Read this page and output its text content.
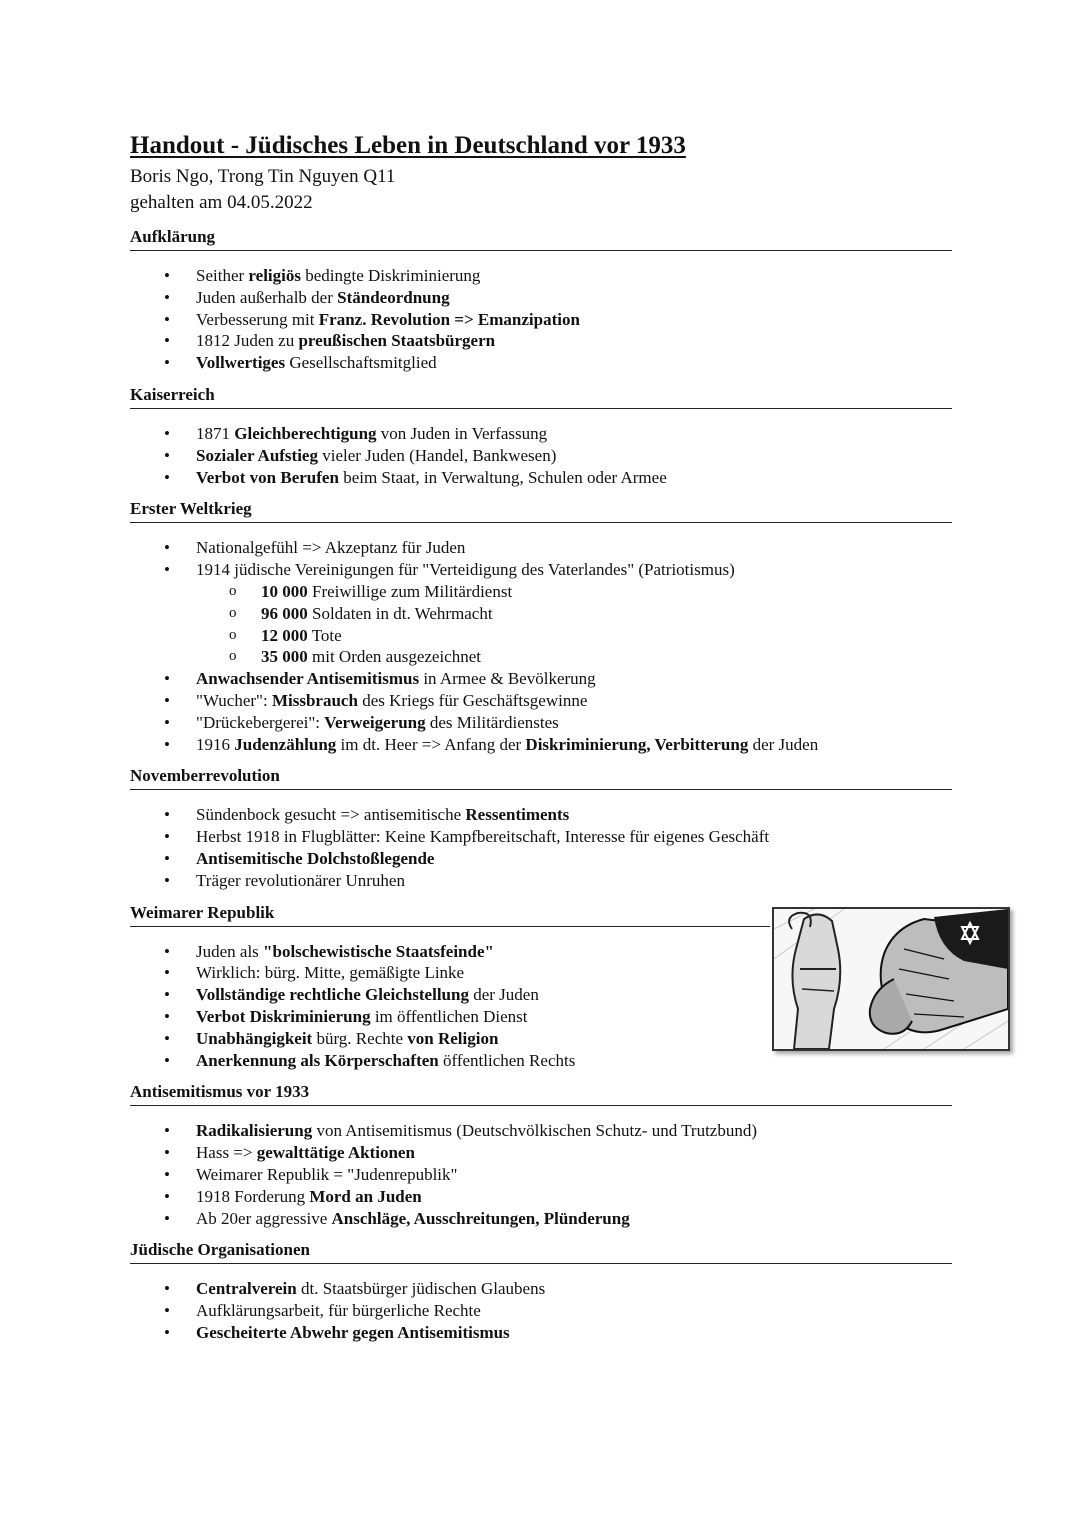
Handout - Jüdisches Leben in Deutschland vor 1933
Boris Ngo, Trong Tin Nguyen Q11
gehalten am 04.05.2022
Aufklärung
• Seither religiös bedingte Diskriminierung
• Juden außerhalb der Ständeordnung
• Verbesserung mit Franz. Revolution => Emanzipation
• 1812 Juden zu preußischen Staatsbürgern
• Vollwertiges Gesellschaftsmitglied
Kaiserreich
• 1871 Gleichberechtigung von Juden in Verfassung
• Sozialer Aufstieg vieler Juden (Handel, Bankwesen)
• Verbot von Berufen beim Staat, in Verwaltung, Schulen oder Armee
Erster Weltkrieg
• Nationalgefühl => Akzeptanz für Juden
• 1914 jüdische Vereinigungen für "Verteidigung des Vaterlandes" (Patriotismus)
o 10 000 Freiwillige zum Militärdienst
o 96 000 Soldaten in dt. Wehrmacht
o 12 000 Tote
o 35 000 mit Orden ausgezeichnet
• Anwachsender Antisemitismus in Armee & Bevölkerung
• "Wucher": Missbrauch des Kriegs für Geschäftsgewinne
• "Drückebergerei": Verweigerung des Militärdienstes
• 1916 Judenzählung im dt. Heer => Anfang der Diskriminierung, Verbitterung der Juden
Novemberrevolution
• Sündenbock gesucht => antisemitische Ressentiments
• Herbst 1918 in Flugblätter: Keine Kampfbereitschaft, Interesse für eigenes Geschäft
• Antisemitische Dolchstoßlegende
• Träger revolutionärer Unruhen
Weimarer Republik
• Juden als "bolschewistische Staatsfeinde"
• Wirklich: bürg. Mitte, gemäßigte Linke
• Vollständige rechtliche Gleichstellung der Juden
• Verbot Diskriminierung im öffentlichen Dienst
• Unabhängigkeit bürg. Rechte von Religion
• Anerkennung als Körperschaften öffentlichen Rechts
Antisemitismus vor 1933
• Radikalisierung von Antisemitismus (Deutschvölkischen Schutz- und Trutzbund)
• Hass => gewalttätige Aktionen
• Weimarer Republik = "Judenrepublik"
• 1918 Forderung Mord an Juden
• Ab 20er aggressive Anschläge, Ausschreitungen, Plünderung
Jüdische Organisationen
• Centralverein dt. Staatsbürger jüdischen Glaubens
• Aufklärungsarbeit, für bürgerliche Rechte
• Gescheiterte Abwehr gegen Antisemitismus
